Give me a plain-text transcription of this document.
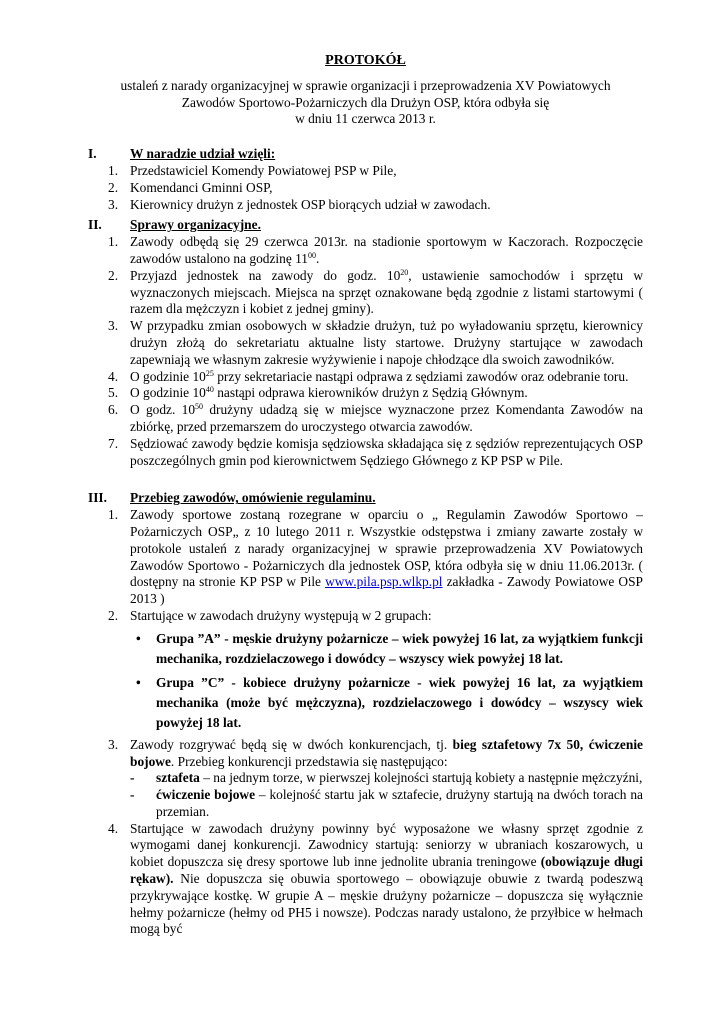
PROTOKÓŁ
ustaleń z narady organizacyjnej w sprawie organizacji i przeprowadzenia XV Powiatowych
Zawodów Sportowo-Pożarniczych dla Drużyn OSP, która odbyła się
w dniu 11 czerwca 2013 r.
I.	W naradzie udział wzięli:
1. Przedstawiciel Komendy Powiatowej PSP w Pile,
2. Komendanci Gminni OSP,
3. Kierownicy drużyn z jednostek OSP biorących udział w zawodach.
II.	Sprawy organizacyjne.
1. Zawody odbędą się 29 czerwca 2013r. na stadionie sportowym w Kaczorach. Rozpoczęcie zawodów ustalono na godzinę $11^{00}$.
2. Przyjazd jednostek na zawody do godz. $10^{20}$, ustawienie samochodów i sprzętu w wyznaczonych miejscach. Miejsca na sprzęt oznakowane będą zgodnie z listami startowymi ( razem dla mężczyzn i kobiet z jednej gminy).
3. W przypadku zmian osobowych w składzie drużyn, tuż po wyładowaniu sprzętu, kierownicy drużyn złożą do sekretariatu aktualne listy startowe. Drużyny startujące w zawodach zapewniają we własnym zakresie wyżywienie i napoje chłodzące dla swoich zawodników.
4. O godzinie $10^{25}$ przy sekretariacie nastąpi odprawa z sędziami zawodów oraz odebranie toru.
5. O godzinie $10^{40}$ nastąpi odprawa kierowników drużyn z Sędzią Głównym.
6. O godz. $10^{50}$ drużyny udadzą się w miejsce wyznaczone przez Komendanta Zawodów na zbiórkę, przed przemarszem do uroczystego otwarcia zawodów.
7. Sędziować zawody będzie komisja sędziowska składająca się z sędziów reprezentujących OSP poszczególnych gmin pod kierownictwem Sędziego Głównego z KP PSP w Pile.
III.	Przebieg zawodów, omówienie regulaminu.
1. Zawody sportowe zostaną rozegrane w oparciu o „ Regulamin Zawodów Sportowo – Pożarniczych OSP„ z 10 lutego 2011 r. Wszystkie odstępstwa i zmiany zawarte zostały w protokole ustaleń z narady organizacyjnej w sprawie przeprowadzenia XV Powiatowych Zawodów Sportowo - Pożarniczych dla jednostek OSP, która odbyła się w dniu 11.06.2013r. ( dostępny na stronie KP PSP w Pile www.pila.psp.wlkp.pl zakładka - Zawody Powiatowe OSP 2013 )
2. Startujące w zawodach drużyny występują w 2 grupach:
•	Grupa ”A” - męskie drużyny pożarnicze – wiek powyżej 16 lat, za wyjątkiem funkcji mechanika, rozdzielaczowego i dowódcy – wszyscy wiek powyżej 18 lat.
•	Grupa ”C” - kobiece drużyny pożarnicze - wiek powyżej 16 lat, za wyjątkiem mechanika (może być mężczyzna), rozdzielaczowego i dowódcy – wszyscy wiek powyżej 18 lat.
3. Zawody rozgrywać będą się w dwóch konkurencjach, tj. bieg sztafetowy 7x 50, ćwiczenie bojowe. Przebieg konkurencji przedstawia się następująco:
-	sztafeta – na jednym torze, w pierwszej kolejności startują kobiety a następnie mężczyźni,
-	ćwiczenie bojowe – kolejność startu jak w sztafecie, drużyny startują na dwóch torach na przemian.
4. Startujące w zawodach drużyny powinny być wyposażone we własny sprzęt zgodnie z wymogami danej konkurencji. Zawodnicy startują: seniorzy w ubraniach koszarowych, u kobiet dopuszcza się dresy sportowe lub inne jednolite ubrania treningowe (obowiązuje długi rękaw). Nie dopuszcza się obuwia sportowego – obowiązuje obuwie z twardą podeszwą przykrywające kostkę. W grupie A – męskie drużyny pożarnicze – dopuszcza się wyłącznie hełmy pożarnicze (hełmy od PH5 i nowsze). Podczas narady ustalono, że przyłbice w hełmach mogą być
